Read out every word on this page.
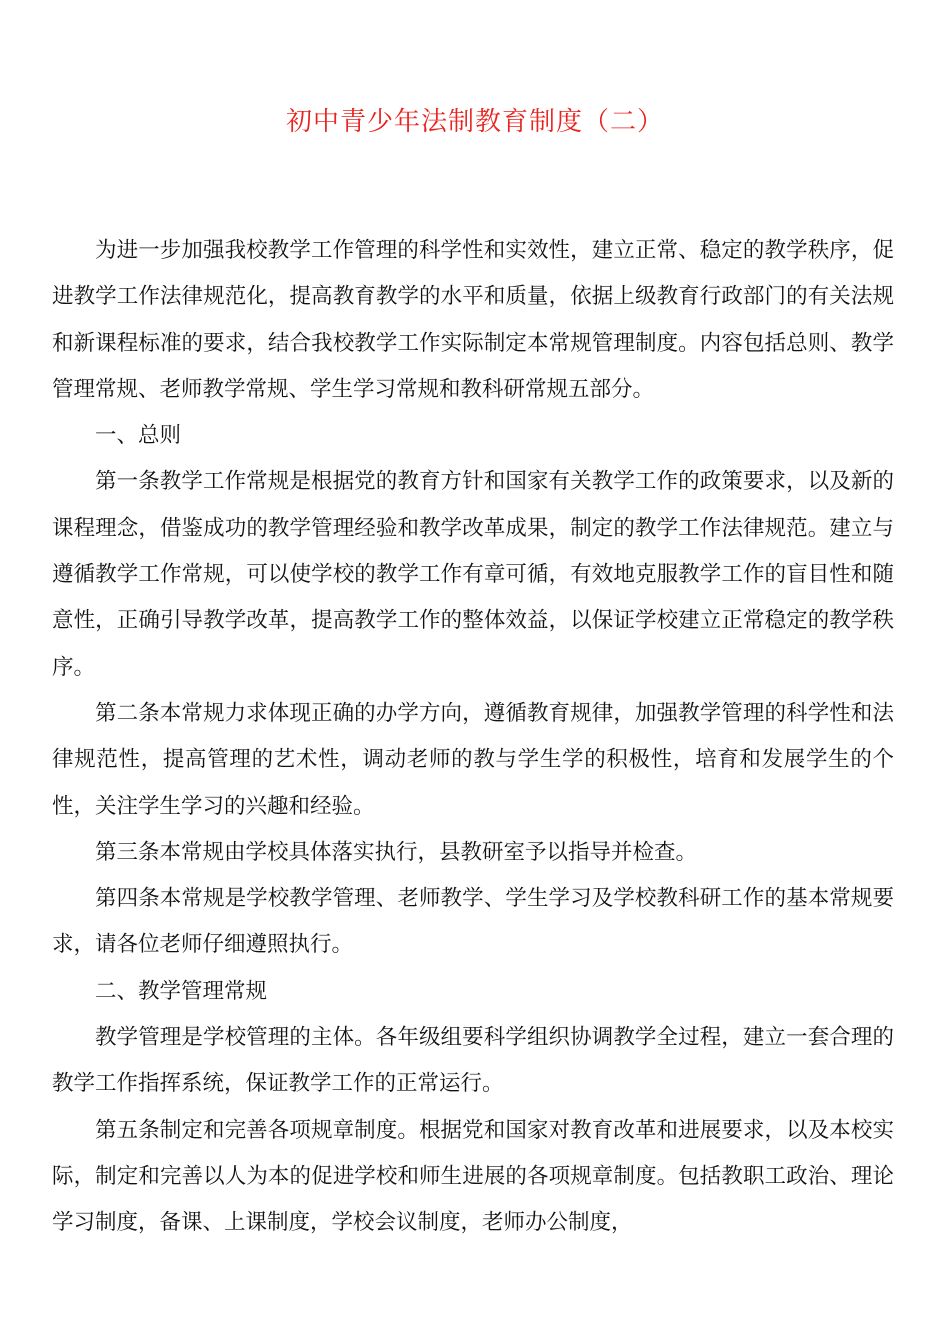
初中青少年法制教育制度（二）

为进一步加强我校教学工作管理的科学性和实效性，建立正常、稳定的教学秩序，促进教学工作法律规范化，提高教育教学的水平和质量，依据上级教育行政部门的有关法规和新课程标准的要求，结合我校教学工作实际制定本常规管理制度。内容包括总则、教学管理常规、老师教学常规、学生学习常规和教科研常规五部分。

一、总则

第一条教学工作常规是根据党的教育方针和国家有关教学工作的政策要求，以及新的课程理念，借鉴成功的教学管理经验和教学改革成果，制定的教学工作法律规范。建立与遵循教学工作常规，可以使学校的教学工作有章可循，有效地克服教学工作的盲目性和随意性，正确引导教学改革，提高教学工作的整体效益，以保证学校建立正常稳定的教学秩序。

第二条本常规力求体现正确的办学方向，遵循教育规律，加强教学管理的科学性和法律规范性，提高管理的艺术性，调动老师的教与学生学的积极性，培育和发展学生的个性，关注学生学习的兴趣和经验。

第三条本常规由学校具体落实执行，县教研室予以指导并检查。

第四条本常规是学校教学管理、老师教学、学生学习及学校教科研工作的基本常规要求，请各位老师仔细遵照执行。

二、教学管理常规

教学管理是学校管理的主体。各年级组要科学组织协调教学全过程，建立一套合理的教学工作指挥系统，保证教学工作的正常运行。

第五条制定和完善各项规章制度。根据党和国家对教育改革和进展要求，以及本校实际，制定和完善以人为本的促进学校和师生进展的各项规章制度。包括教职工政治、理论学习制度，备课、上课制度，学校会议制度，老师办公制度，
